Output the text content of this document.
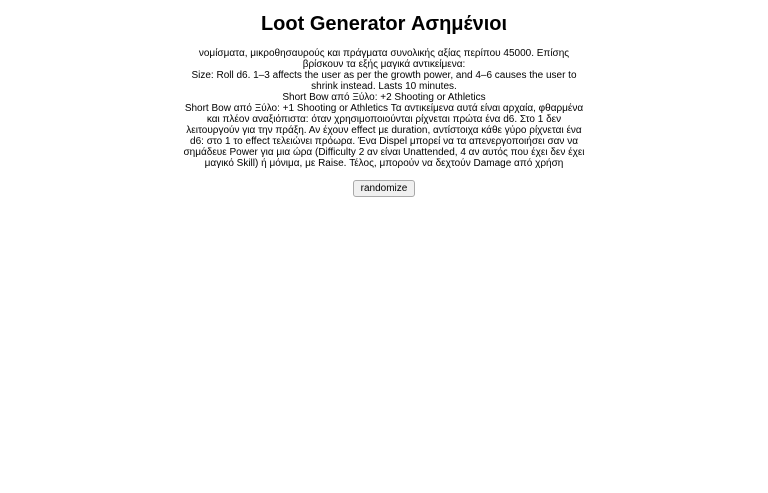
Loot Generator Ασημένιοι
νομίσματα, μικροθησαυρούς και πράγματα συνολικής αξίας περίπου 45000. Επίσης βρίσκουν τα εξής μαγικά αντικείμενα:
Size: Roll d6. 1–3 affects the user as per the growth power, and 4–6 causes the user to shrink instead. Lasts 10 minutes.
Short Bow από Ξύλο: +2 Shooting or Athletics
Short Bow από Ξύλο: +1 Shooting or Athletics Τα αντικείμενα αυτά είναι αρχαία, φθαρμένα και πλέον αναξιόπιστα: όταν χρησιμοποιούνται ρίχνεται πρώτα ένα d6. Στο 1 δεν λειτουργούν για την πράξη. Αν έχουν effect με duration, αντίστοιχα κάθε γύρο ρίχνεται ένα d6: στο 1 το effect τελειώνει πρόωρα. Ένα Dispel μπορεί να τα απενεργοποιήσει σαν να σημάδευε Power για μια ώρα (Difficulty 2 αν είναι Unattended, 4 αν αυτός που έχει δεν έχει μαγικό Skill) ή μόνιμα, με Raise. Τέλος, μπορούν να δεχτούν Damage από χρήση
randomize
